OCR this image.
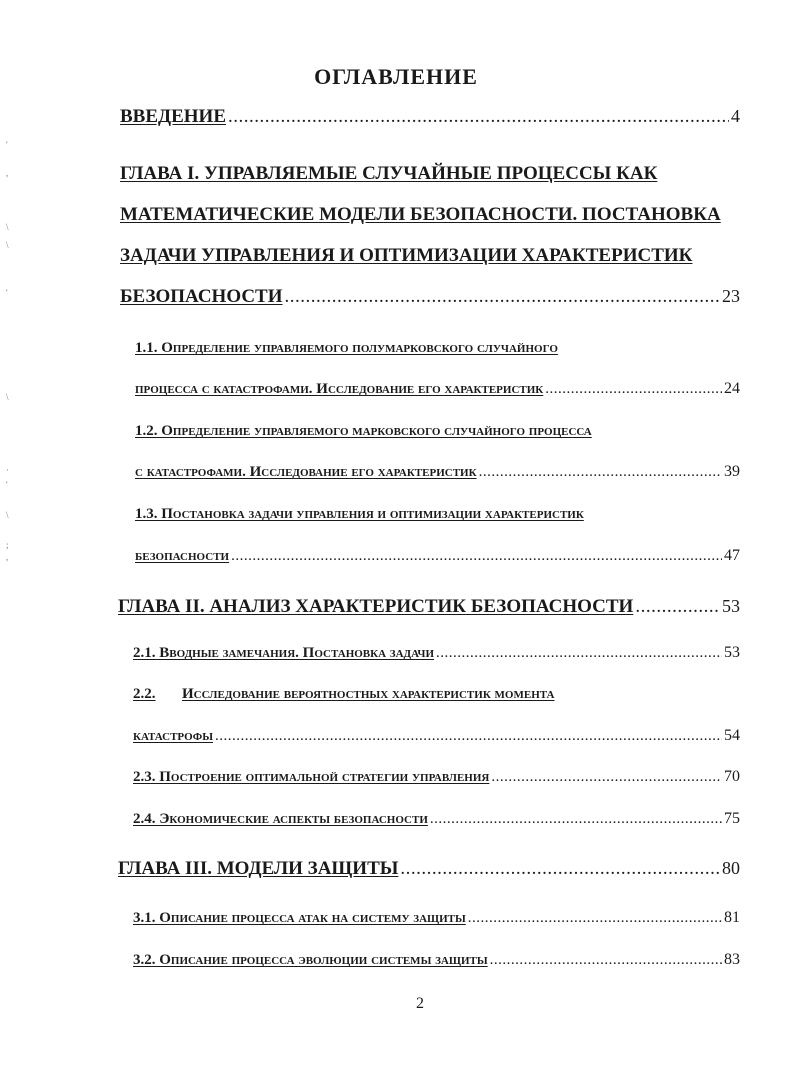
'
,
\
\
'
\
·
'
\
;
,
ОГЛАВЛЕНИЕ
ВВЕДЕНИЕ .....	4
ГЛАВА I. УПРАВЛЯЕМЫЕ СЛУЧАЙНЫЕ ПРОЦЕССЫ КАК
МАТЕМАТИЧЕСКИЕ МОДЕЛИ БЕЗОПАСНОСТИ. ПОСТАНОВКА
ЗАДАЧИ УПРАВЛЕНИЯ И ОПТИМИЗАЦИИ ХАРАКТЕРИСТИК
БЕЗОПАСНОСТИ .....	23
1.1. Определение управляемого полумарковского случайного
процесса с катастрофами. Исследование его характеристик .....	24
1.2. Определение управляемого марковского случайного процесса
с катастрофами. Исследование его характеристик .....	39
1.3. Постановка задачи управления и оптимизации характеристик
безопасности .....	47
ГЛАВА II. АНАЛИЗ ХАРАКТЕРИСТИК БЕЗОПАСНОСТИ .....	53
2.1. Вводные замечания. Постановка задачи .....	53
2.2. Исследование вероятностных характеристик момента
катастрофы .....	54
2.3. Построение оптимальной стратегии управления .....	70
2.4. Экономические аспекты безопасности .....	75
ГЛАВА III. МОДЕЛИ ЗАЩИТЫ .....	80
3.1. Описание процесса атак на систему защиты .....	81
3.2. Описание процесса эволюции системы защиты .....	83
2
